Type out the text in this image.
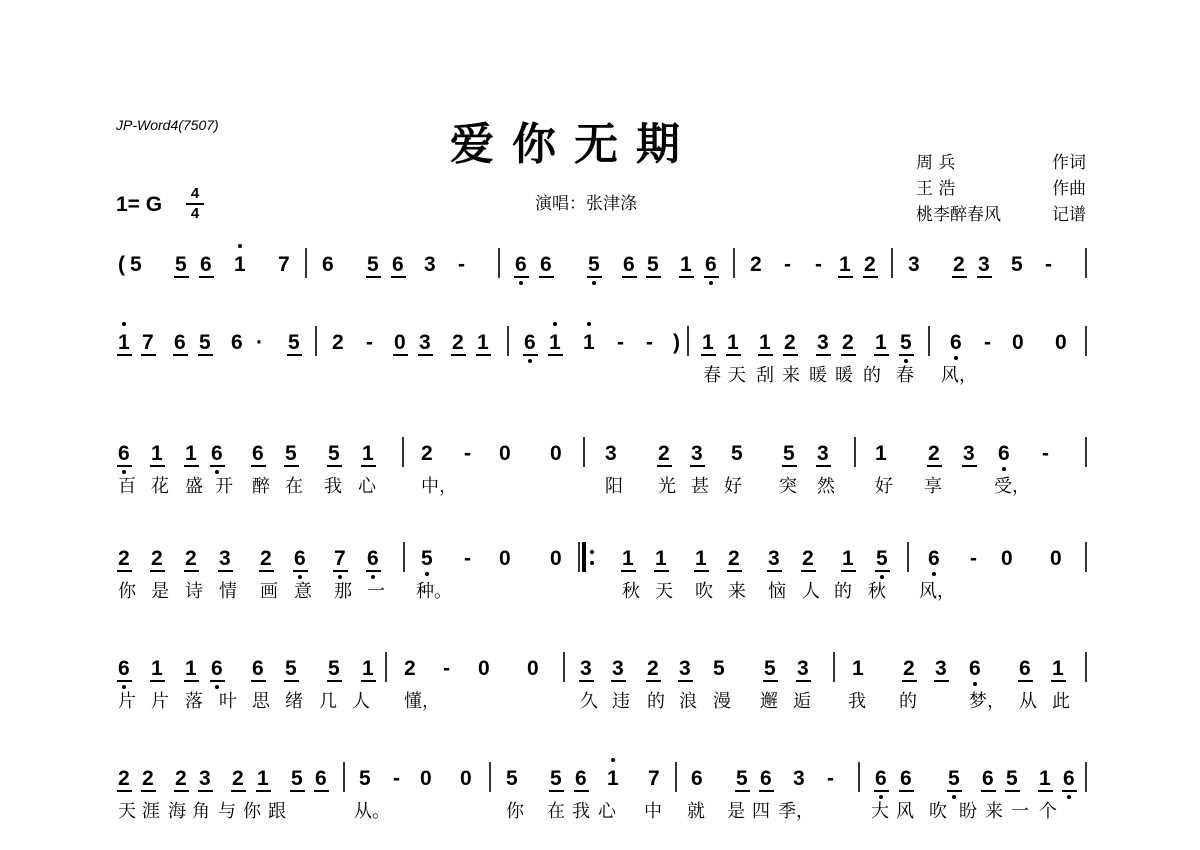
JP-Word4(7507)	爱你无期
1= G	4
4	演唱：张津涤
周 兵	作词
王 浩	作曲
桃李醉春风	记谱
( 5 5 6 1 7 6 5 6 3 - 6 6 5 6 5 1 6 2 - - 1 2 3 2 3 5 -
1 7 6 5 6 · 5 2 - 0 3 2 1 6 1 1 - - ) 1 1 1 2 3 2 1 5 6 - 0 0
春 天 刮 来 暖 暖 的 春 风，
6 1 1 6 6 5 5 1 2 - 0 0 3 2 3 5 5 3 1 2 3 6 -
百 花 盛 开 醉 在 我 心	中，	阳 光 甚 好 突 然 好 享	受，
2 2 2 3 2 6 7 6 5 - 0 0	1 1 1 2 3 2 1 5 6 - 0 0
你 是 诗 情 画 意 那 一 种。	秋 天 吹 来 恼 人 的 秋 风，
6 1 1 6 6 5 5 1 2 - 0 0 3 3 2 3 5 5 3 1 2 3 6 6 1
片 片 落 叶 思 绪 几 人 懂，	久 违 的 浪 漫 邂 逅 我 的	梦， 从 此
2 2 2 3 2 1 5 6 5 - 0 0 5 5 6 1 7 6 5 6 3 - 6 6 5 6 5 1 6
天 涯 海 角 与 你 跟	从。	你 在 我 心 中 就 是 四 季，	大 风 吹 盼 来 一 个
